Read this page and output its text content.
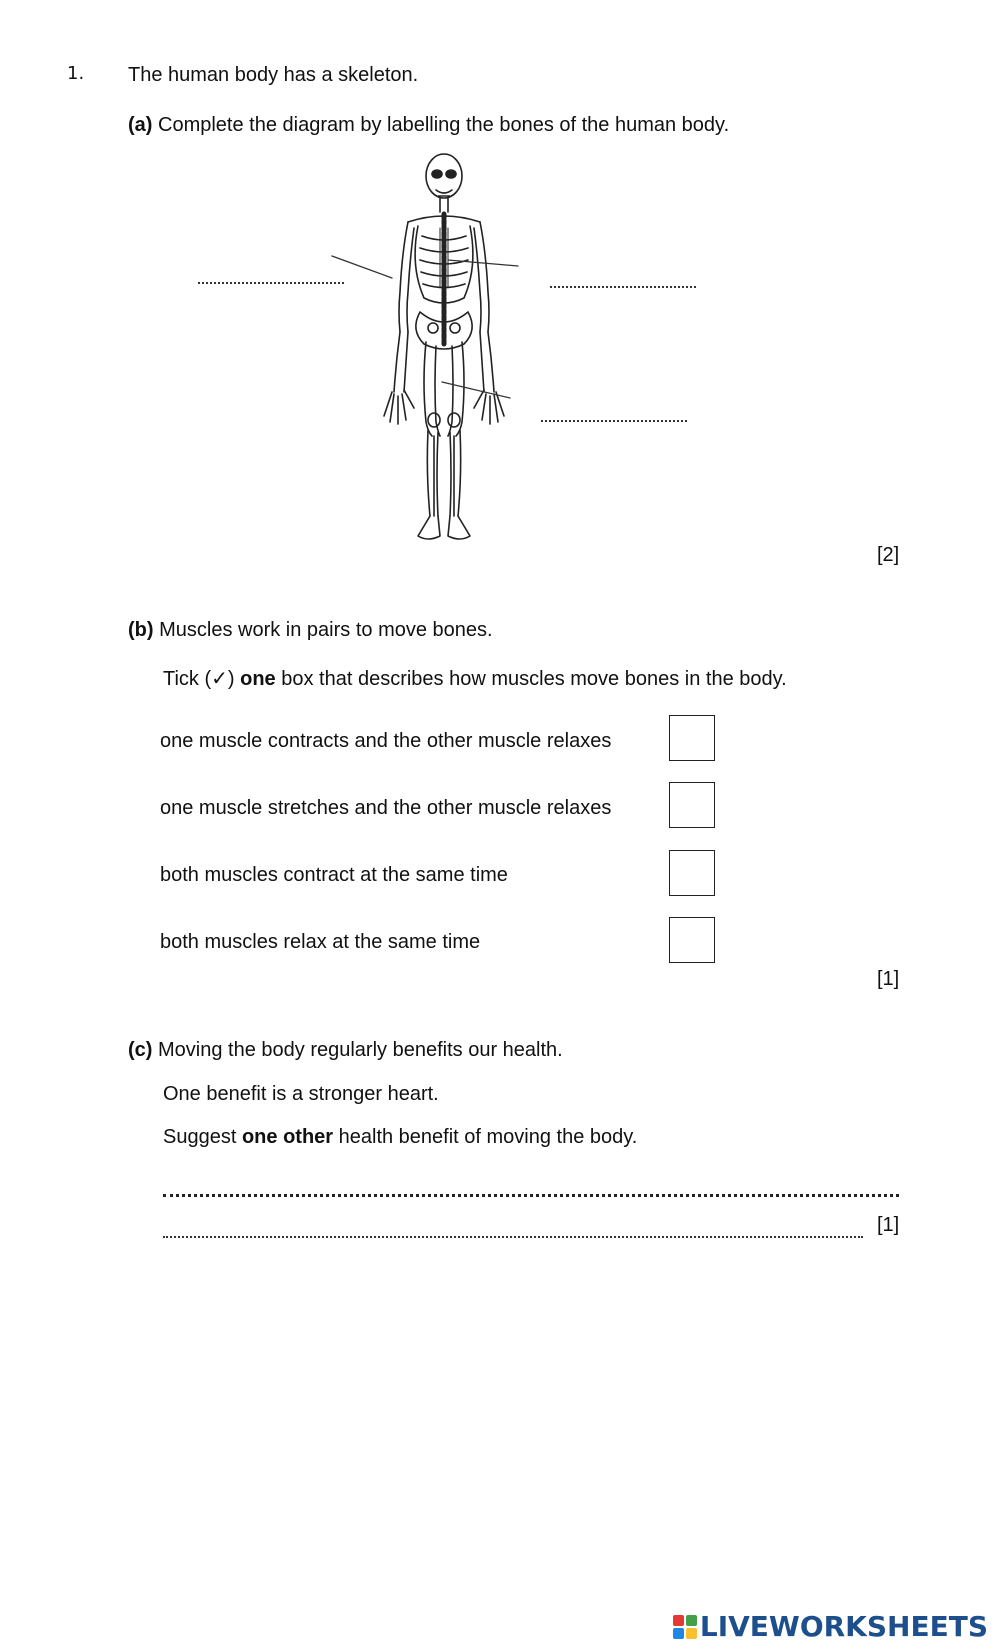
1. The human body has a skeleton.
(a) Complete the diagram by labelling the bones of the human body.
[2]
(b) Muscles work in pairs to move bones.
Tick (✓) one box that describes how muscles move bones in the body.
one muscle contracts and the other muscle relaxes
one muscle stretches and the other muscle relaxes
both muscles contract at the same time
both muscles relax at the same time
[1]
(c) Moving the body regularly benefits our health.
One benefit is a stronger heart.
Suggest one other health benefit of moving the body.
[1]
LIVEWORKSHEETS
